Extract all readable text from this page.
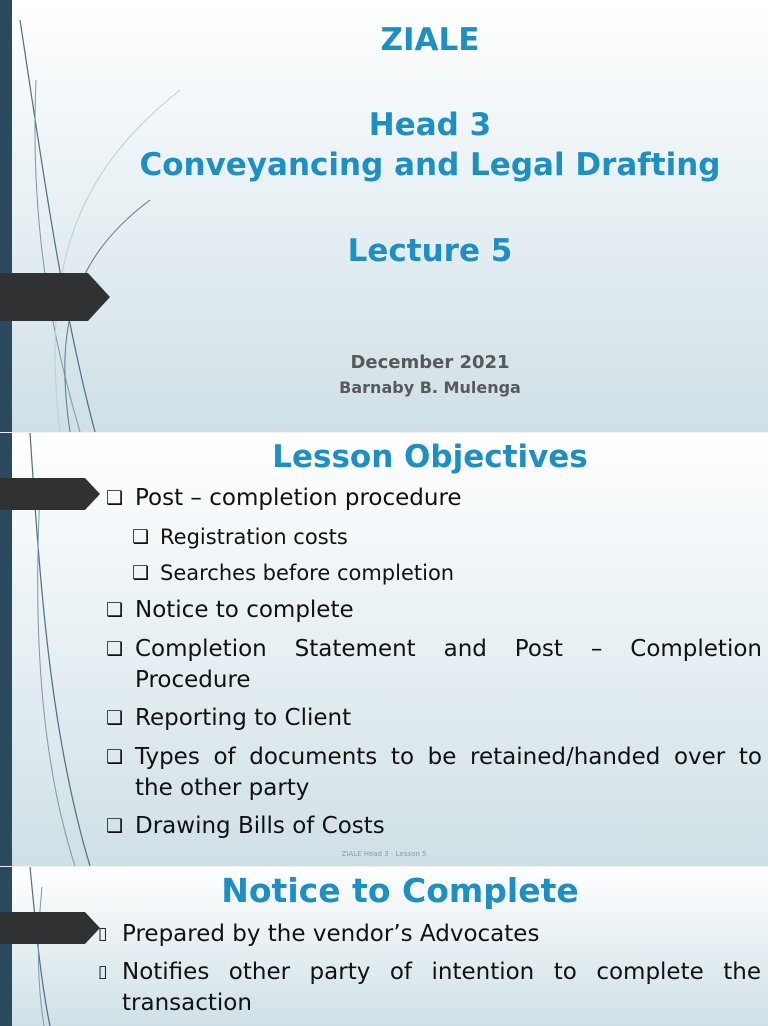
ZIALE
Head 3
Conveyancing and Legal Drafting
Lecture 5
December 2021
Barnaby B. Mulenga
Lesson Objectives
❑ Post – completion procedure
❑ Registration costs
❑ Searches before completion
❑ Notice to complete
❑ Completion Statement and Post – Completion Procedure
❑ Reporting to Client
❑ Types of documents to be retained/handed over to the other party
❑ Drawing Bills of Costs
ZIALE Head 3 - Lesson 5
Notice to Complete
▯ Prepared by the vendor’s Advocates
▯ Notifies other party of intention to complete the transaction
